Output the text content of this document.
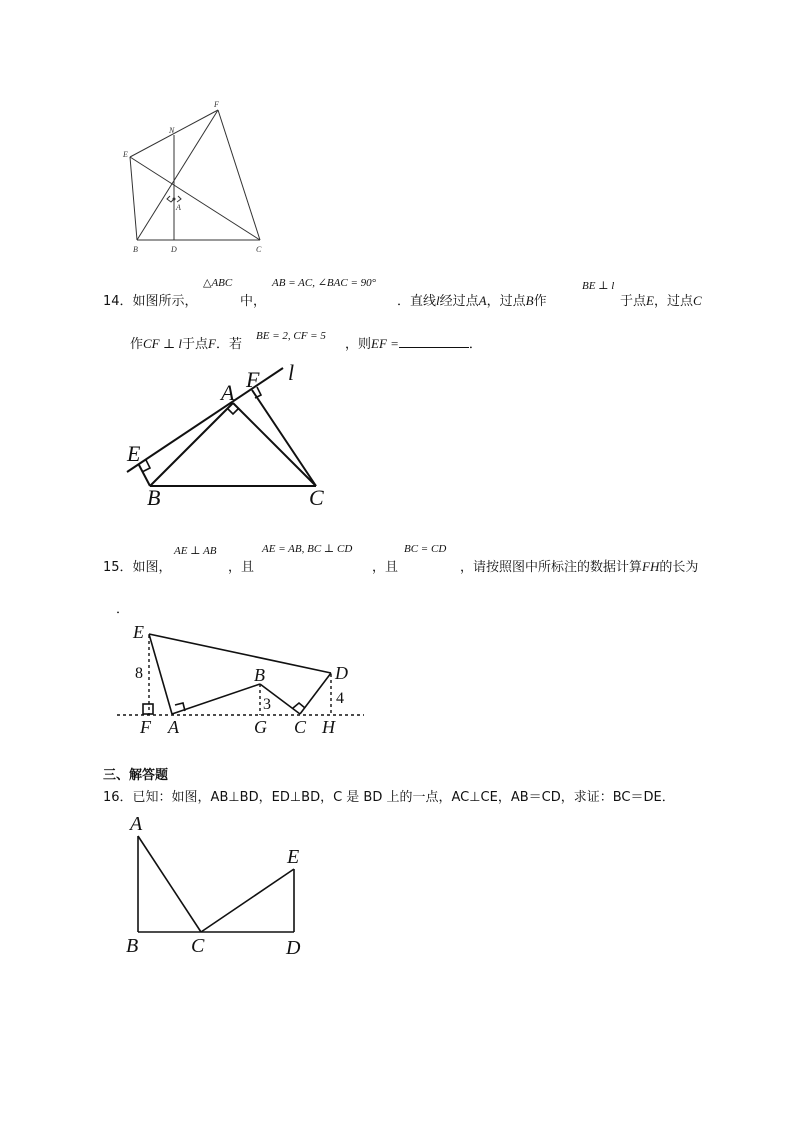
F
N
E
A
B	D	C
14．如图所示，
△ABC
中，
AB = AC, ∠BAC = 90°
．直线l经过点A，过点B作
BE ⊥ l
于点E，过点C
作CF ⊥ l于点F．若
BE = 2, CF = 5
，则EF =	．
l
A
F
E
B	C
15．如图，
AE ⊥ AB
，且
AE = AB, BC ⊥ CD
，且
BC = CD
，请按照图中所标注的数据计算FH的长为
．
E
D
B
F A	G C H
8
3	4
三、解答题
16．已知：如图，AB⊥BD，ED⊥BD，C 是 BD 上的一点，AC⊥CE，AB＝CD，求证：BC＝DE．
A
E
B	C	D
